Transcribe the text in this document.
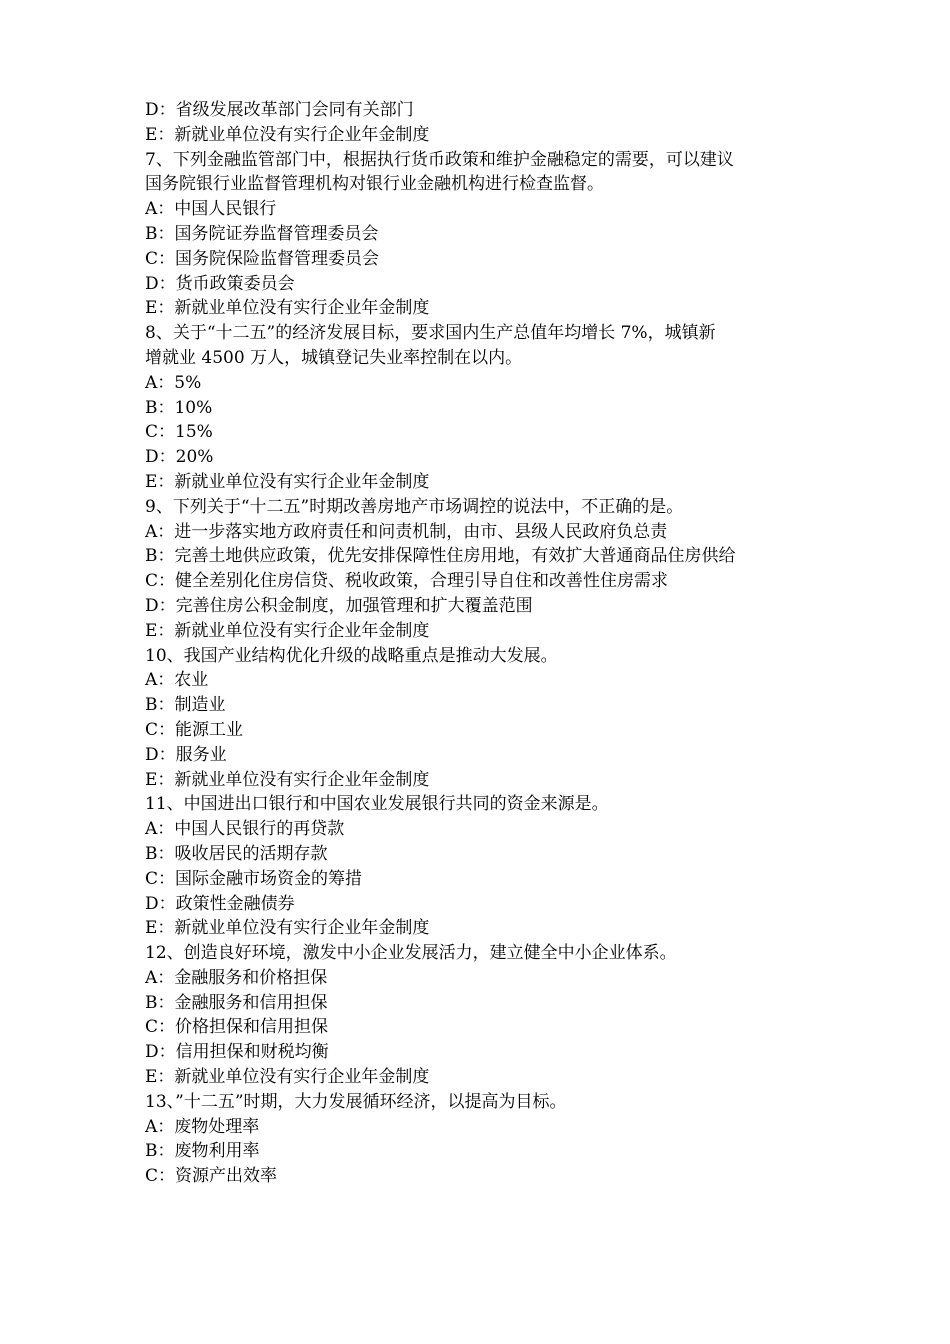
D：省级发展改革部门会同有关部门
E：新就业单位没有实行企业年金制度
7、下列金融监管部门中，根据执行货币政策和维护金融稳定的需要，可以建议
国务院银行业监督管理机构对银行业金融机构进行检查监督。
A：中国人民银行
B：国务院证券监督管理委员会
C：国务院保险监督管理委员会
D：货币政策委员会
E：新就业单位没有实行企业年金制度
8、关于“十二五”的经济发展目标，要求国内生产总值年均增长 7%，城镇新
增就业 4500 万人，城镇登记失业率控制在以内。
A：5%
B：10%
C：15%
D：20%
E：新就业单位没有实行企业年金制度
9、下列关于“十二五”时期改善房地产市场调控的说法中，不正确的是。
A：进一步落实地方政府责任和问责机制，由市、县级人民政府负总责
B：完善土地供应政策，优先安排保障性住房用地，有效扩大普通商品住房供给
C：健全差别化住房信贷、税收政策，合理引导自住和改善性住房需求
D：完善住房公积金制度，加强管理和扩大覆盖范围
E：新就业单位没有实行企业年金制度
10、我国产业结构优化升级的战略重点是推动大发展。
A：农业
B：制造业
C：能源工业
D：服务业
E：新就业单位没有实行企业年金制度
11、中国进出口银行和中国农业发展银行共同的资金来源是。
A：中国人民银行的再贷款
B：吸收居民的活期存款
C：国际金融市场资金的筹措
D：政策性金融债券
E：新就业单位没有实行企业年金制度
12、创造良好环境，激发中小企业发展活力，建立健全中小企业体系。
A：金融服务和价格担保
B：金融服务和信用担保
C：价格担保和信用担保
D：信用担保和财税均衡
E：新就业单位没有实行企业年金制度
13、”十二五”时期，大力发展循环经济，以提高为目标。
A：废物处理率
B：废物利用率
C：资源产出效率
